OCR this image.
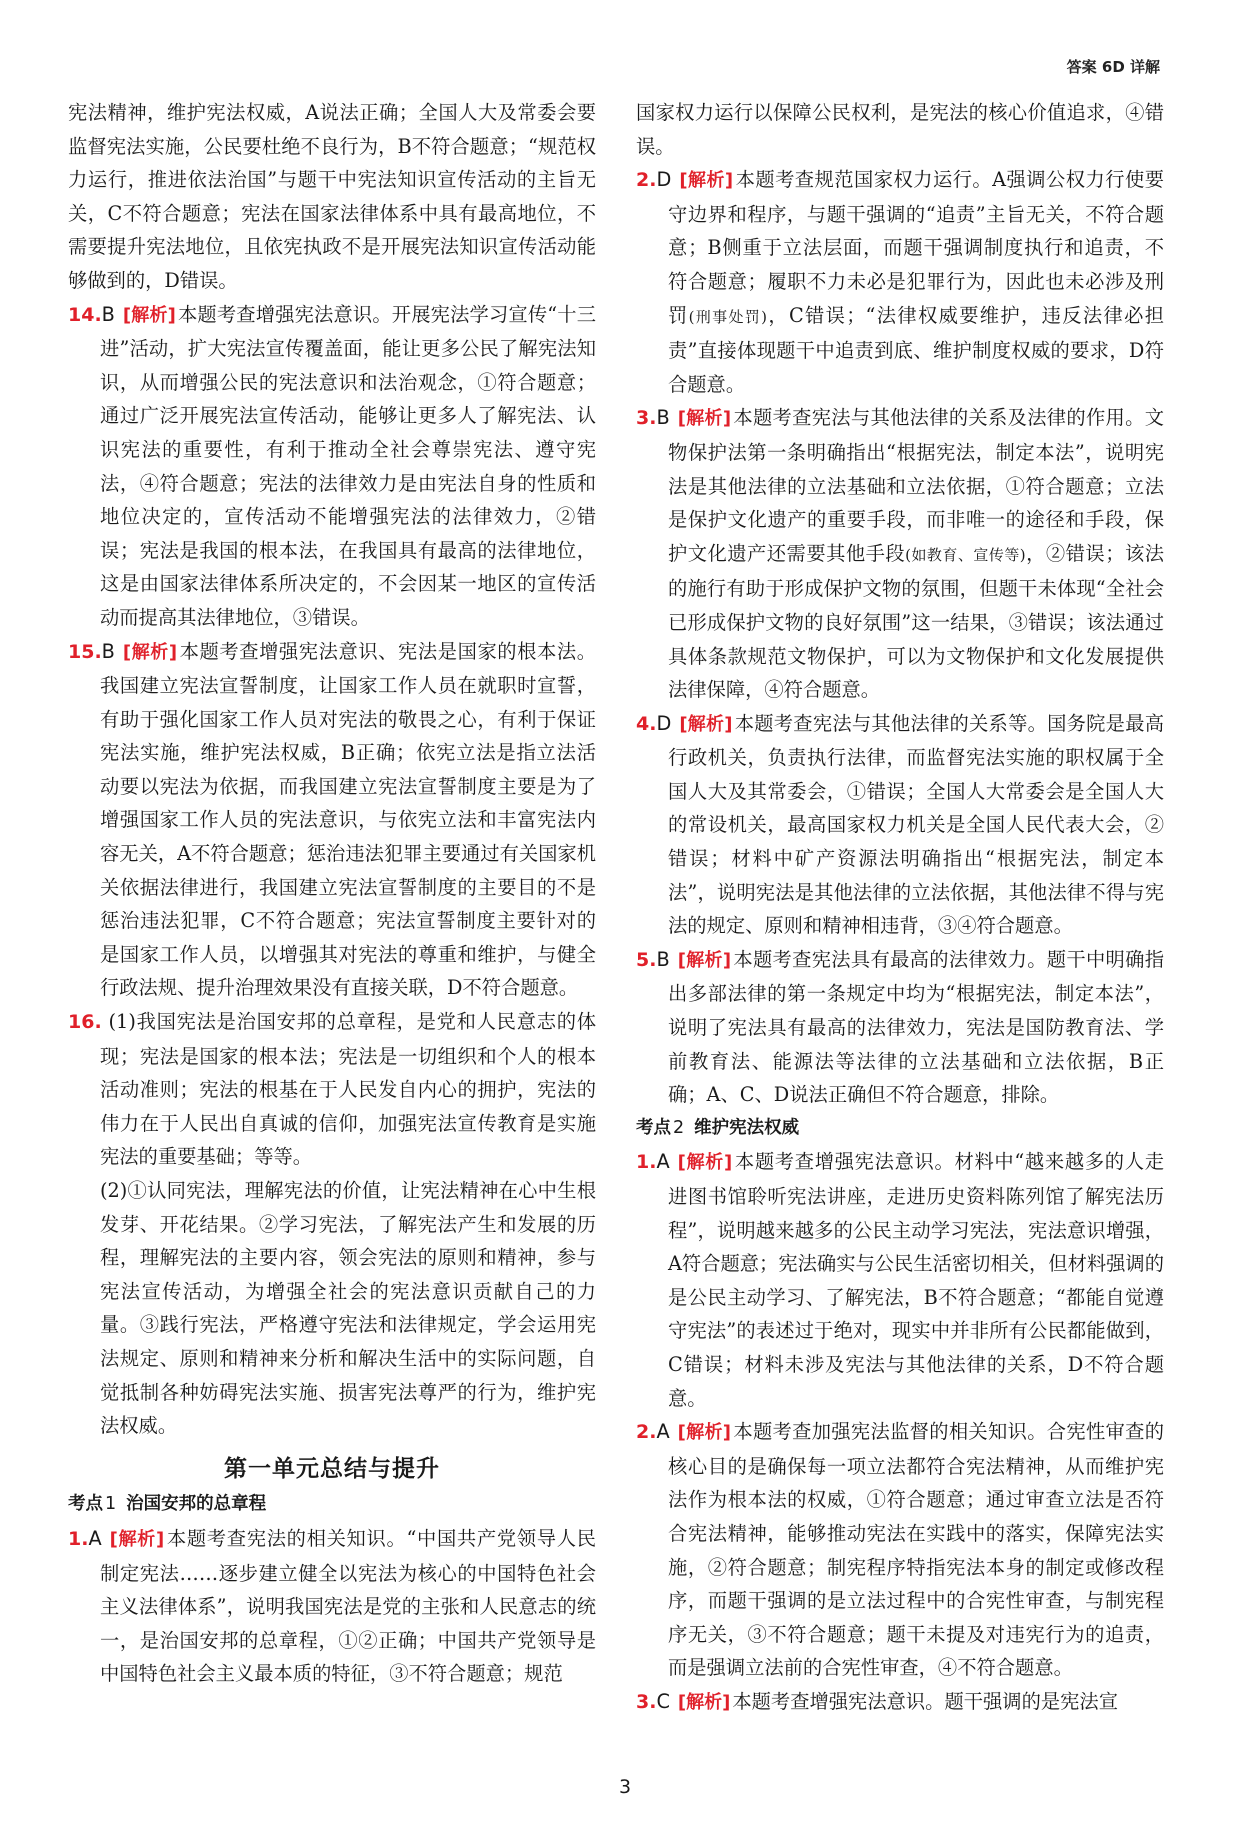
答案 6D 详解

宪法精神，维护宪法权威，A说法正确；全国人大及常委会要监督宪法实施，公民要杜绝不良行为，B不符合题意；“规范权力运行，推进依法治国”与题干中宪法知识宣传活动的主旨无关，C不符合题意；宪法在国家法律体系中具有最高地位，不需要提升宪法地位，且依宪执政不是开展宪法知识宣传活动能够做到的，D错误。

14.B [解析] 本题考查增强宪法意识。开展宪法学习宣传“十三进”活动，扩大宪法宣传覆盖面，能让更多公民了解宪法知识，从而增强公民的宪法意识和法治观念，①符合题意；通过广泛开展宪法宣传活动，能够让更多人了解宪法、认识宪法的重要性，有利于推动全社会尊崇宪法、遵守宪法，④符合题意；宪法的法律效力是由宪法自身的性质和地位决定的，宣传活动不能增强宪法的法律效力，②错误；宪法是我国的根本法，在我国具有最高的法律地位，这是由国家法律体系所决定的，不会因某一地区的宣传活动而提高其法律地位，③错误。

15.B [解析] 本题考查增强宪法意识、宪法是国家的根本法。我国建立宪法宣誓制度，让国家工作人员在就职时宣誓，有助于强化国家工作人员对宪法的敬畏之心，有利于保证宪法实施，维护宪法权威，B正确；依宪立法是指立法活动要以宪法为依据，而我国建立宪法宣誓制度主要是为了增强国家工作人员的宪法意识，与依宪立法和丰富宪法内容无关，A不符合题意；惩治违法犯罪主要通过有关国家机关依据法律进行，我国建立宪法宣誓制度的主要目的不是惩治违法犯罪，C不符合题意；宪法宣誓制度主要针对的是国家工作人员，以增强其对宪法的尊重和维护，与健全行政法规、提升治理效果没有直接关联，D不符合题意。

16. (1)我国宪法是治国安邦的总章程，是党和人民意志的体现；宪法是国家的根本法；宪法是一切组织和个人的根本活动准则；宪法的根基在于人民发自内心的拥护，宪法的伟力在于人民出自真诚的信仰，加强宪法宣传教育是实施宪法的重要基础；等等。

(2)①认同宪法，理解宪法的价值，让宪法精神在心中生根发芽、开花结果。②学习宪法，了解宪法产生和发展的历程，理解宪法的主要内容，领会宪法的原则和精神，参与宪法宣传活动，为增强全社会的宪法意识贡献自己的力量。③践行宪法，严格遵守宪法和法律规定，学会运用宪法规定、原则和精神来分析和解决生活中的实际问题，自觉抵制各种妨碍宪法实施、损害宪法尊严的行为，维护宪法权威。

第一单元总结与提升

考点 1 治国安邦的总章程

1.A [解析] 本题考查宪法的相关知识。“中国共产党领导人民制定宪法……逐步建立健全以宪法为核心的中国特色社会主义法律体系”，说明我国宪法是党的主张和人民意志的统一，是治国安邦的总章程，①②正确；中国共产党领导是中国特色社会主义最本质的特征，③不符合题意；规范

国家权力运行以保障公民权利，是宪法的核心价值追求，④错误。

2.D [解析] 本题考查规范国家权力运行。A强调公权力行使要守边界和程序，与题干强调的“追责”主旨无关，不符合题意；B侧重于立法层面，而题干强调制度执行和追责，不符合题意；履职不力未必是犯罪行为，因此也未必涉及刑罚(刑事处罚)，C错误；“法律权威要维护，违反法律必担责”直接体现题干中追责到底、维护制度权威的要求，D符合题意。

3.B [解析] 本题考查宪法与其他法律的关系及法律的作用。文物保护法第一条明确指出“根据宪法，制定本法”，说明宪法是其他法律的立法基础和立法依据，①符合题意；立法是保护文化遗产的重要手段，而非唯一的途径和手段，保护文化遗产还需要其他手段(如教育、宣传等)，②错误；该法的施行有助于形成保护文物的氛围，但题干未体现“全社会已形成保护文物的良好氛围”这一结果，③错误；该法通过具体条款规范文物保护，可以为文物保护和文化发展提供法律保障，④符合题意。

4.D [解析] 本题考查宪法与其他法律的关系等。国务院是最高行政机关，负责执行法律，而监督宪法实施的职权属于全国人大及其常委会，①错误；全国人大常委会是全国人大的常设机关，最高国家权力机关是全国人民代表大会，②错误；材料中矿产资源法明确指出“根据宪法，制定本法”，说明宪法是其他法律的立法依据，其他法律不得与宪法的规定、原则和精神相违背，③④符合题意。

5.B [解析] 本题考查宪法具有最高的法律效力。题干中明确指出多部法律的第一条规定中均为“根据宪法，制定本法”，说明了宪法具有最高的法律效力，宪法是国防教育法、学前教育法、能源法等法律的立法基础和立法依据，B正确；A、C、D说法正确但不符合题意，排除。

考点 2 维护宪法权威

1.A [解析] 本题考查增强宪法意识。材料中“越来越多的人走进图书馆聆听宪法讲座，走进历史资料陈列馆了解宪法历程”，说明越来越多的公民主动学习宪法，宪法意识增强，A符合题意；宪法确实与公民生活密切相关，但材料强调的是公民主动学习、了解宪法，B不符合题意；“都能自觉遵守宪法”的表述过于绝对，现实中并非所有公民都能做到，C错误；材料未涉及宪法与其他法律的关系，D不符合题意。

2.A [解析] 本题考查加强宪法监督的相关知识。合宪性审查的核心目的是确保每一项立法都符合宪法精神，从而维护宪法作为根本法的权威，①符合题意；通过审查立法是否符合宪法精神，能够推动宪法在实践中的落实，保障宪法实施，②符合题意；制宪程序特指宪法本身的制定或修改程序，而题干强调的是立法过程中的合宪性审查，与制宪程序无关，③不符合题意；题干未提及对违宪行为的追责，而是强调立法前的合宪性审查，④不符合题意。

3.C [解析] 本题考查增强宪法意识。题干强调的是宪法宣

3
